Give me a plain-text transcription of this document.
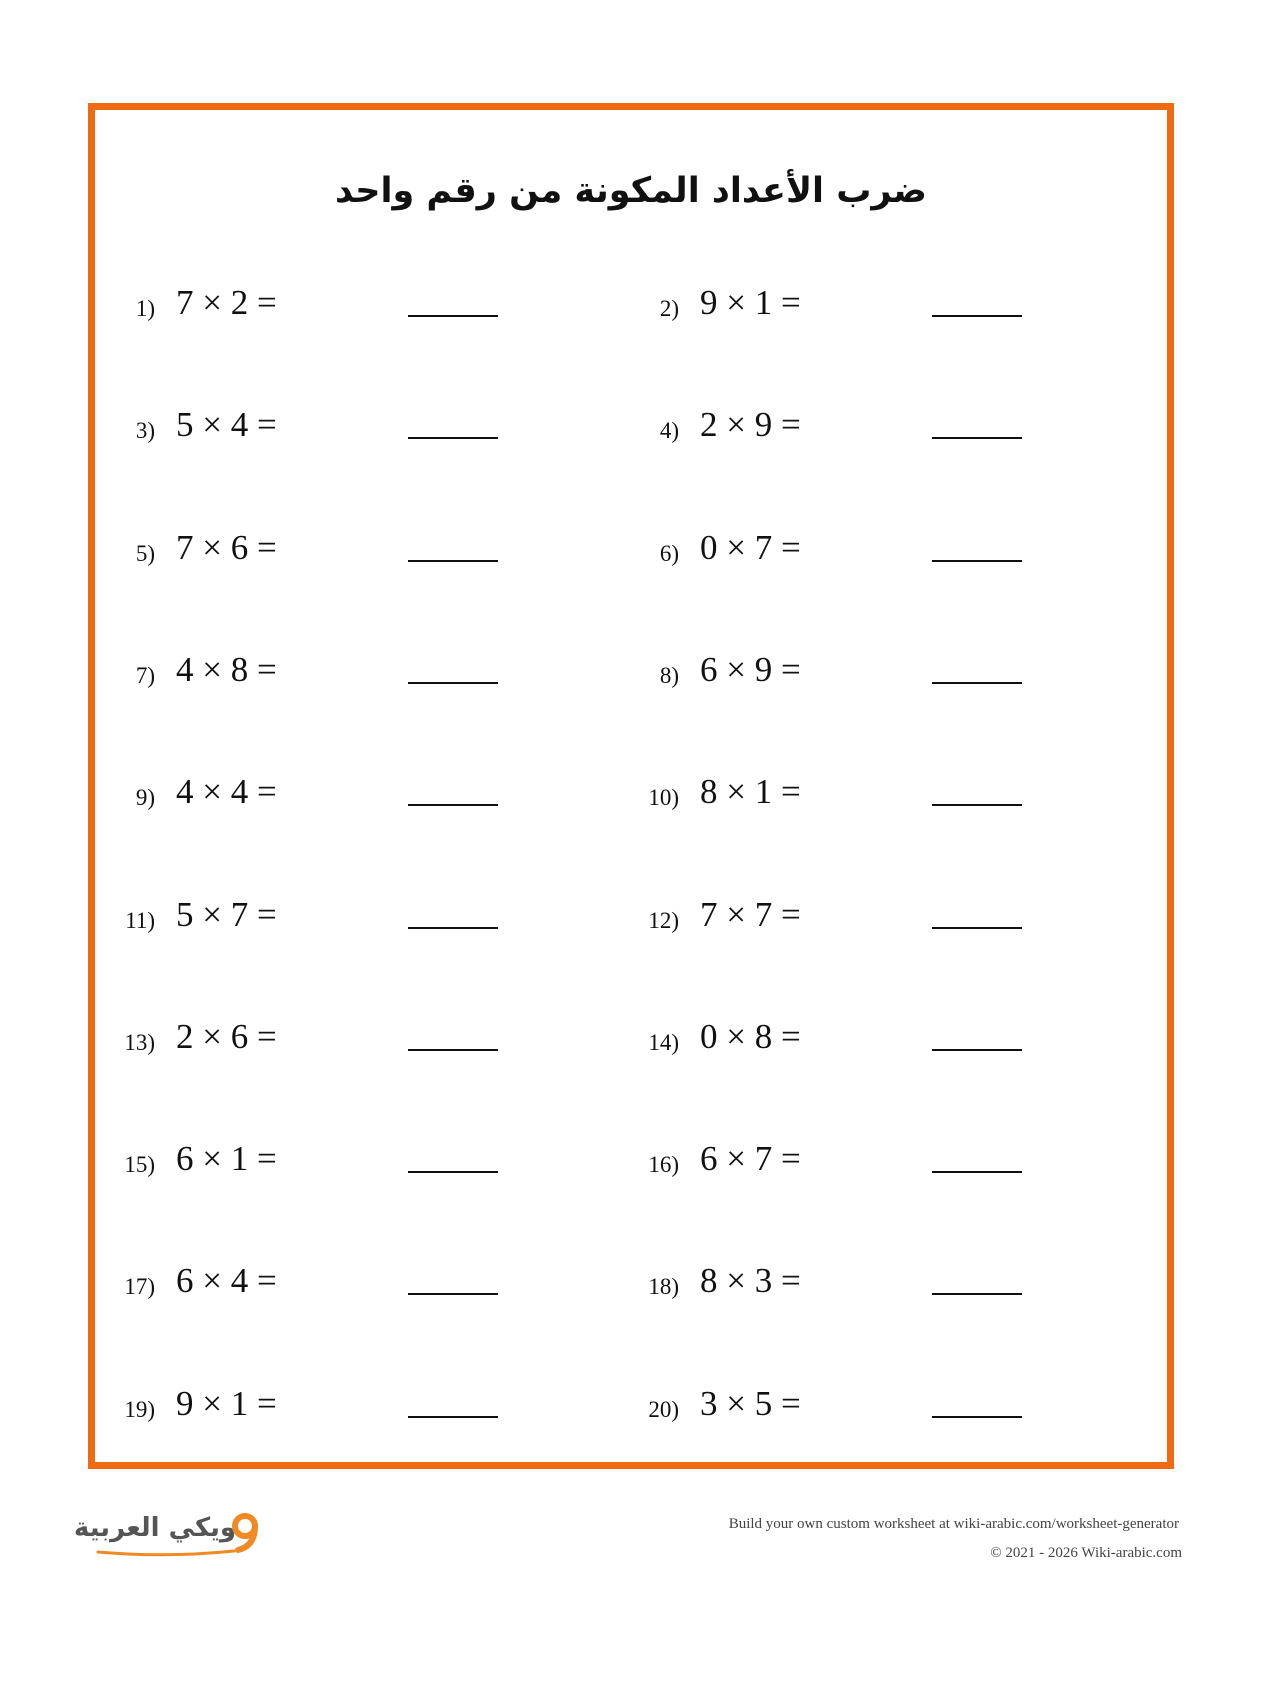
ضرب الأعداد المكونة من رقم واحد
1) 7 × 2 =	2) 9 × 1 =
3) 5 × 4 =	4) 2 × 9 =
5) 7 × 6 =	6) 0 × 7 =
7) 4 × 8 =	8) 6 × 9 =
9) 4 × 4 =	10) 8 × 1 =
11) 5 × 7 =	12) 7 × 7 =
13) 2 × 6 =	14) 0 × 8 =
15) 6 × 1 =	16) 6 × 7 =
17) 6 × 4 =	18) 8 × 3 =
19) 9 × 1 =	20) 3 × 5 =
ويكي العربية	Build your own custom worksheet at wiki-arabic.com/worksheet-generator
© 2021 - 2026 Wiki-arabic.com
